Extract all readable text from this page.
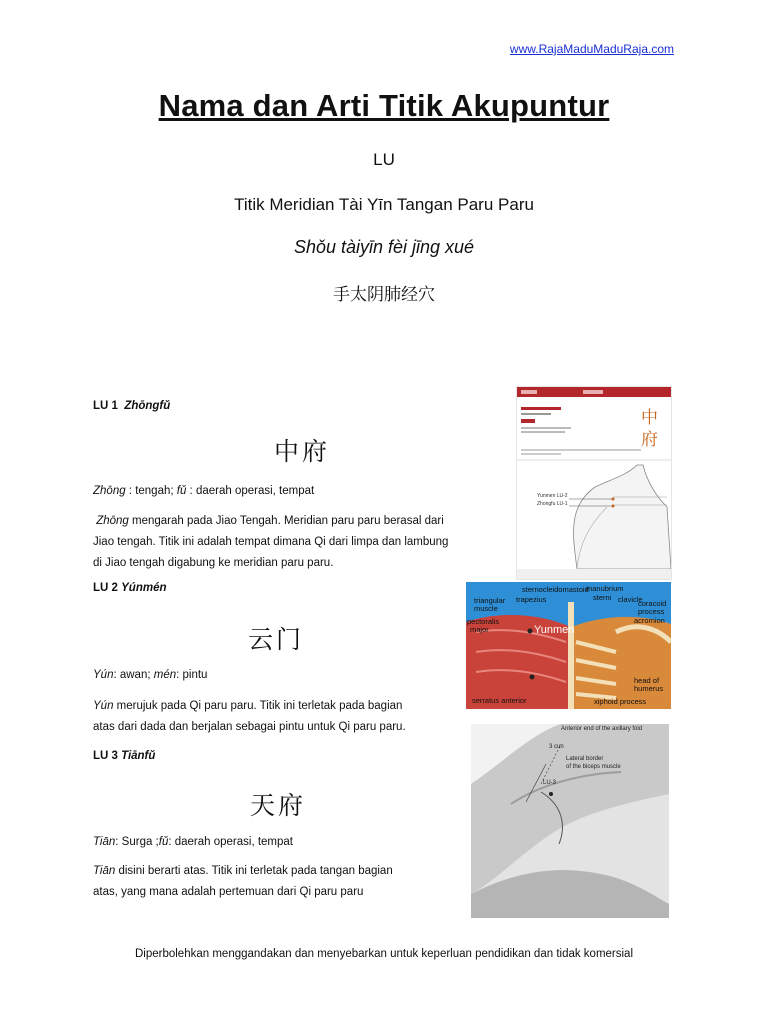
www.RajaMaduMaduRaja.com
Nama dan Arti Titik Akupuntur
LU
Titik Meridian Tài Yīn Tangan Paru Paru
Shǒu tàiyīn fèi jīng xué
手太阴肺经穴
LU 1 Zhōngfǔ
中府
Zhōng : tengah; fǔ : daerah operasi, tempat
Zhōng mengarah pada Jiao Tengah. Meridian paru paru berasal dari
Jiao tengah. Titik ini adalah tempat dimana Qi dari limpa dan lambung
di Jiao tengah digabung ke meridian paru paru.
LU 2 Yúnmén
云门
Yún: awan; mén: pintu
Yún merujuk pada Qi paru paru. Titik ini terletak pada bagian
atas dari dada dan berjalan sebagai pintu untuk Qi paru paru.
LU 3 Tiānfǔ
天府
Tiān: Surga ;fǔ: daerah operasi, tempat
Tiān disini berarti atas. Titik ini terletak pada tangan bagian
atas, yang mana adalah pertemuan dari Qi paru paru
中
府
Yunmen LU-2
Zhongfu LU-1
sternocleidomastoid
manubrium
sterni
triangular trapezius	clavicle
muscle
coracoid
process
pectoralis	acromion
major	Yunmen
head of
humerus
serratus anterior	xiphoid process
Anterior end of the axillary fold
3 cun
Lateral border
of the biceps muscle
LU-3
Diperbolehkan menggandakan dan menyebarkan untuk keperluan pendidikan dan tidak komersial
